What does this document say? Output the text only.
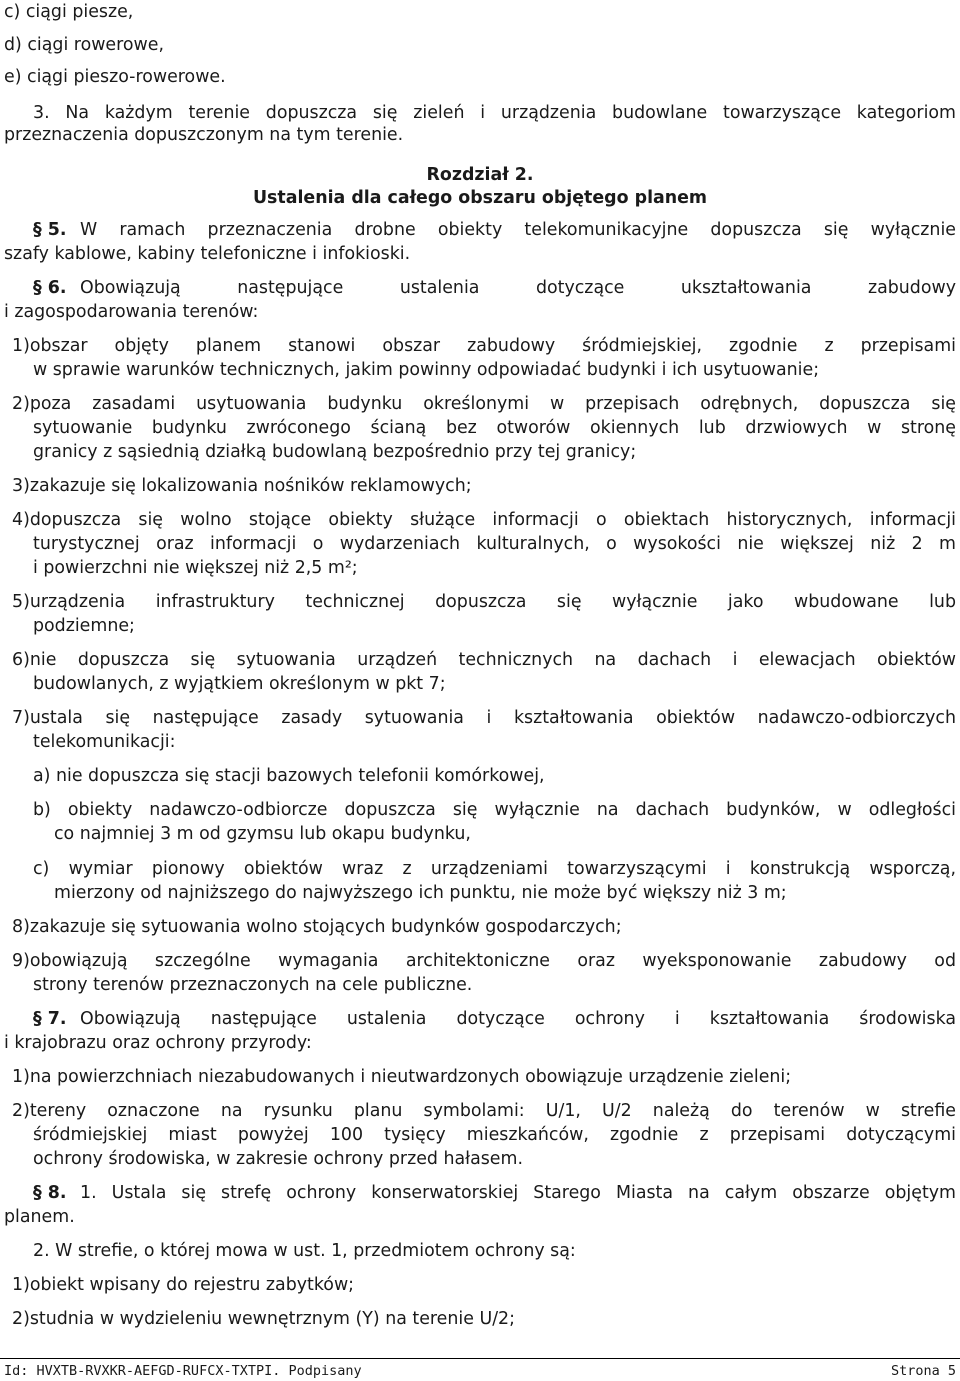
c) ciągi piesze,
d) ciągi rowerowe,
e) ciągi pieszo-rowerowe.
3. Na każdym terenie dopuszcza się zieleń i urządzenia budowlane towarzyszące kategoriom
przeznaczenia dopuszczonym na tym terenie.
Rozdział 2.
Ustalenia dla całego obszaru objętego planem
§ 5. W ramach przeznaczenia drobne obiekty telekomunikacyjne dopuszcza się wyłącznie
szafy kablowe, kabiny telefoniczne i infokioski.
§ 6. Obowiązują następujące ustalenia dotyczące ukształtowania zabudowy
i zagospodarowania terenów:
1)obszar objęty planem stanowi obszar zabudowy śródmiejskiej, zgodnie z przepisami
w sprawie warunków technicznych, jakim powinny odpowiadać budynki i ich usytuowanie;
2)poza zasadami usytuowania budynku określonymi w przepisach odrębnych, dopuszcza się
sytuowanie budynku zwróconego ścianą bez otworów okiennych lub drzwiowych w stronę
granicy z sąsiednią działką budowlaną bezpośrednio przy tej granicy;
3)zakazuje się lokalizowania nośników reklamowych;
4)dopuszcza się wolno stojące obiekty służące informacji o obiektach historycznych, informacji
turystycznej oraz informacji o wydarzeniach kulturalnych, o wysokości nie większej niż 2 m
i powierzchni nie większej niż 2,5 m²;
5)urządzenia infrastruktury technicznej dopuszcza się wyłącznie jako wbudowane lub
podziemne;
6)nie dopuszcza się sytuowania urządzeń technicznych na dachach i elewacjach obiektów
budowlanych, z wyjątkiem określonym w pkt 7;
7)ustala się następujące zasady sytuowania i kształtowania obiektów nadawczo-odbiorczych
telekomunikacji:
a) nie dopuszcza się stacji bazowych telefonii komórkowej,
b) obiekty nadawczo-odbiorcze dopuszcza się wyłącznie na dachach budynków, w odległości
co najmniej 3 m od gzymsu lub okapu budynku,
c) wymiar pionowy obiektów wraz z urządzeniami towarzyszącymi i konstrukcją wsporczą,
mierzony od najniższego do najwyższego ich punktu, nie może być większy niż 3 m;
8)zakazuje się sytuowania wolno stojących budynków gospodarczych;
9)obowiązują szczególne wymagania architektoniczne oraz wyeksponowanie zabudowy od
strony terenów przeznaczonych na cele publiczne.
§ 7. Obowiązują następujące ustalenia dotyczące ochrony i kształtowania środowiska
i krajobrazu oraz ochrony przyrody:
1)na powierzchniach niezabudowanych i nieutwardzonych obowiązuje urządzenie zieleni;
2)tereny oznaczone na rysunku planu symbolami: U/1, U/2 należą do terenów w strefie
śródmiejskiej miast powyżej 100 tysięcy mieszkańców, zgodnie z przepisami dotyczącymi
ochrony środowiska, w zakresie ochrony przed hałasem.
§ 8. 1. Ustala się strefę ochrony konserwatorskiej Starego Miasta na całym obszarze objętym
planem.
2. W strefie, o której mowa w ust. 1, przedmiotem ochrony są:
1)obiekt wpisany do rejestru zabytków;
2)studnia w wydzieleniu wewnętrznym (Y) na terenie U/2;
Id: HVXTB-RVXKR-AEFGD-RUFCX-TXTPI. Podpisany	Strona 5
